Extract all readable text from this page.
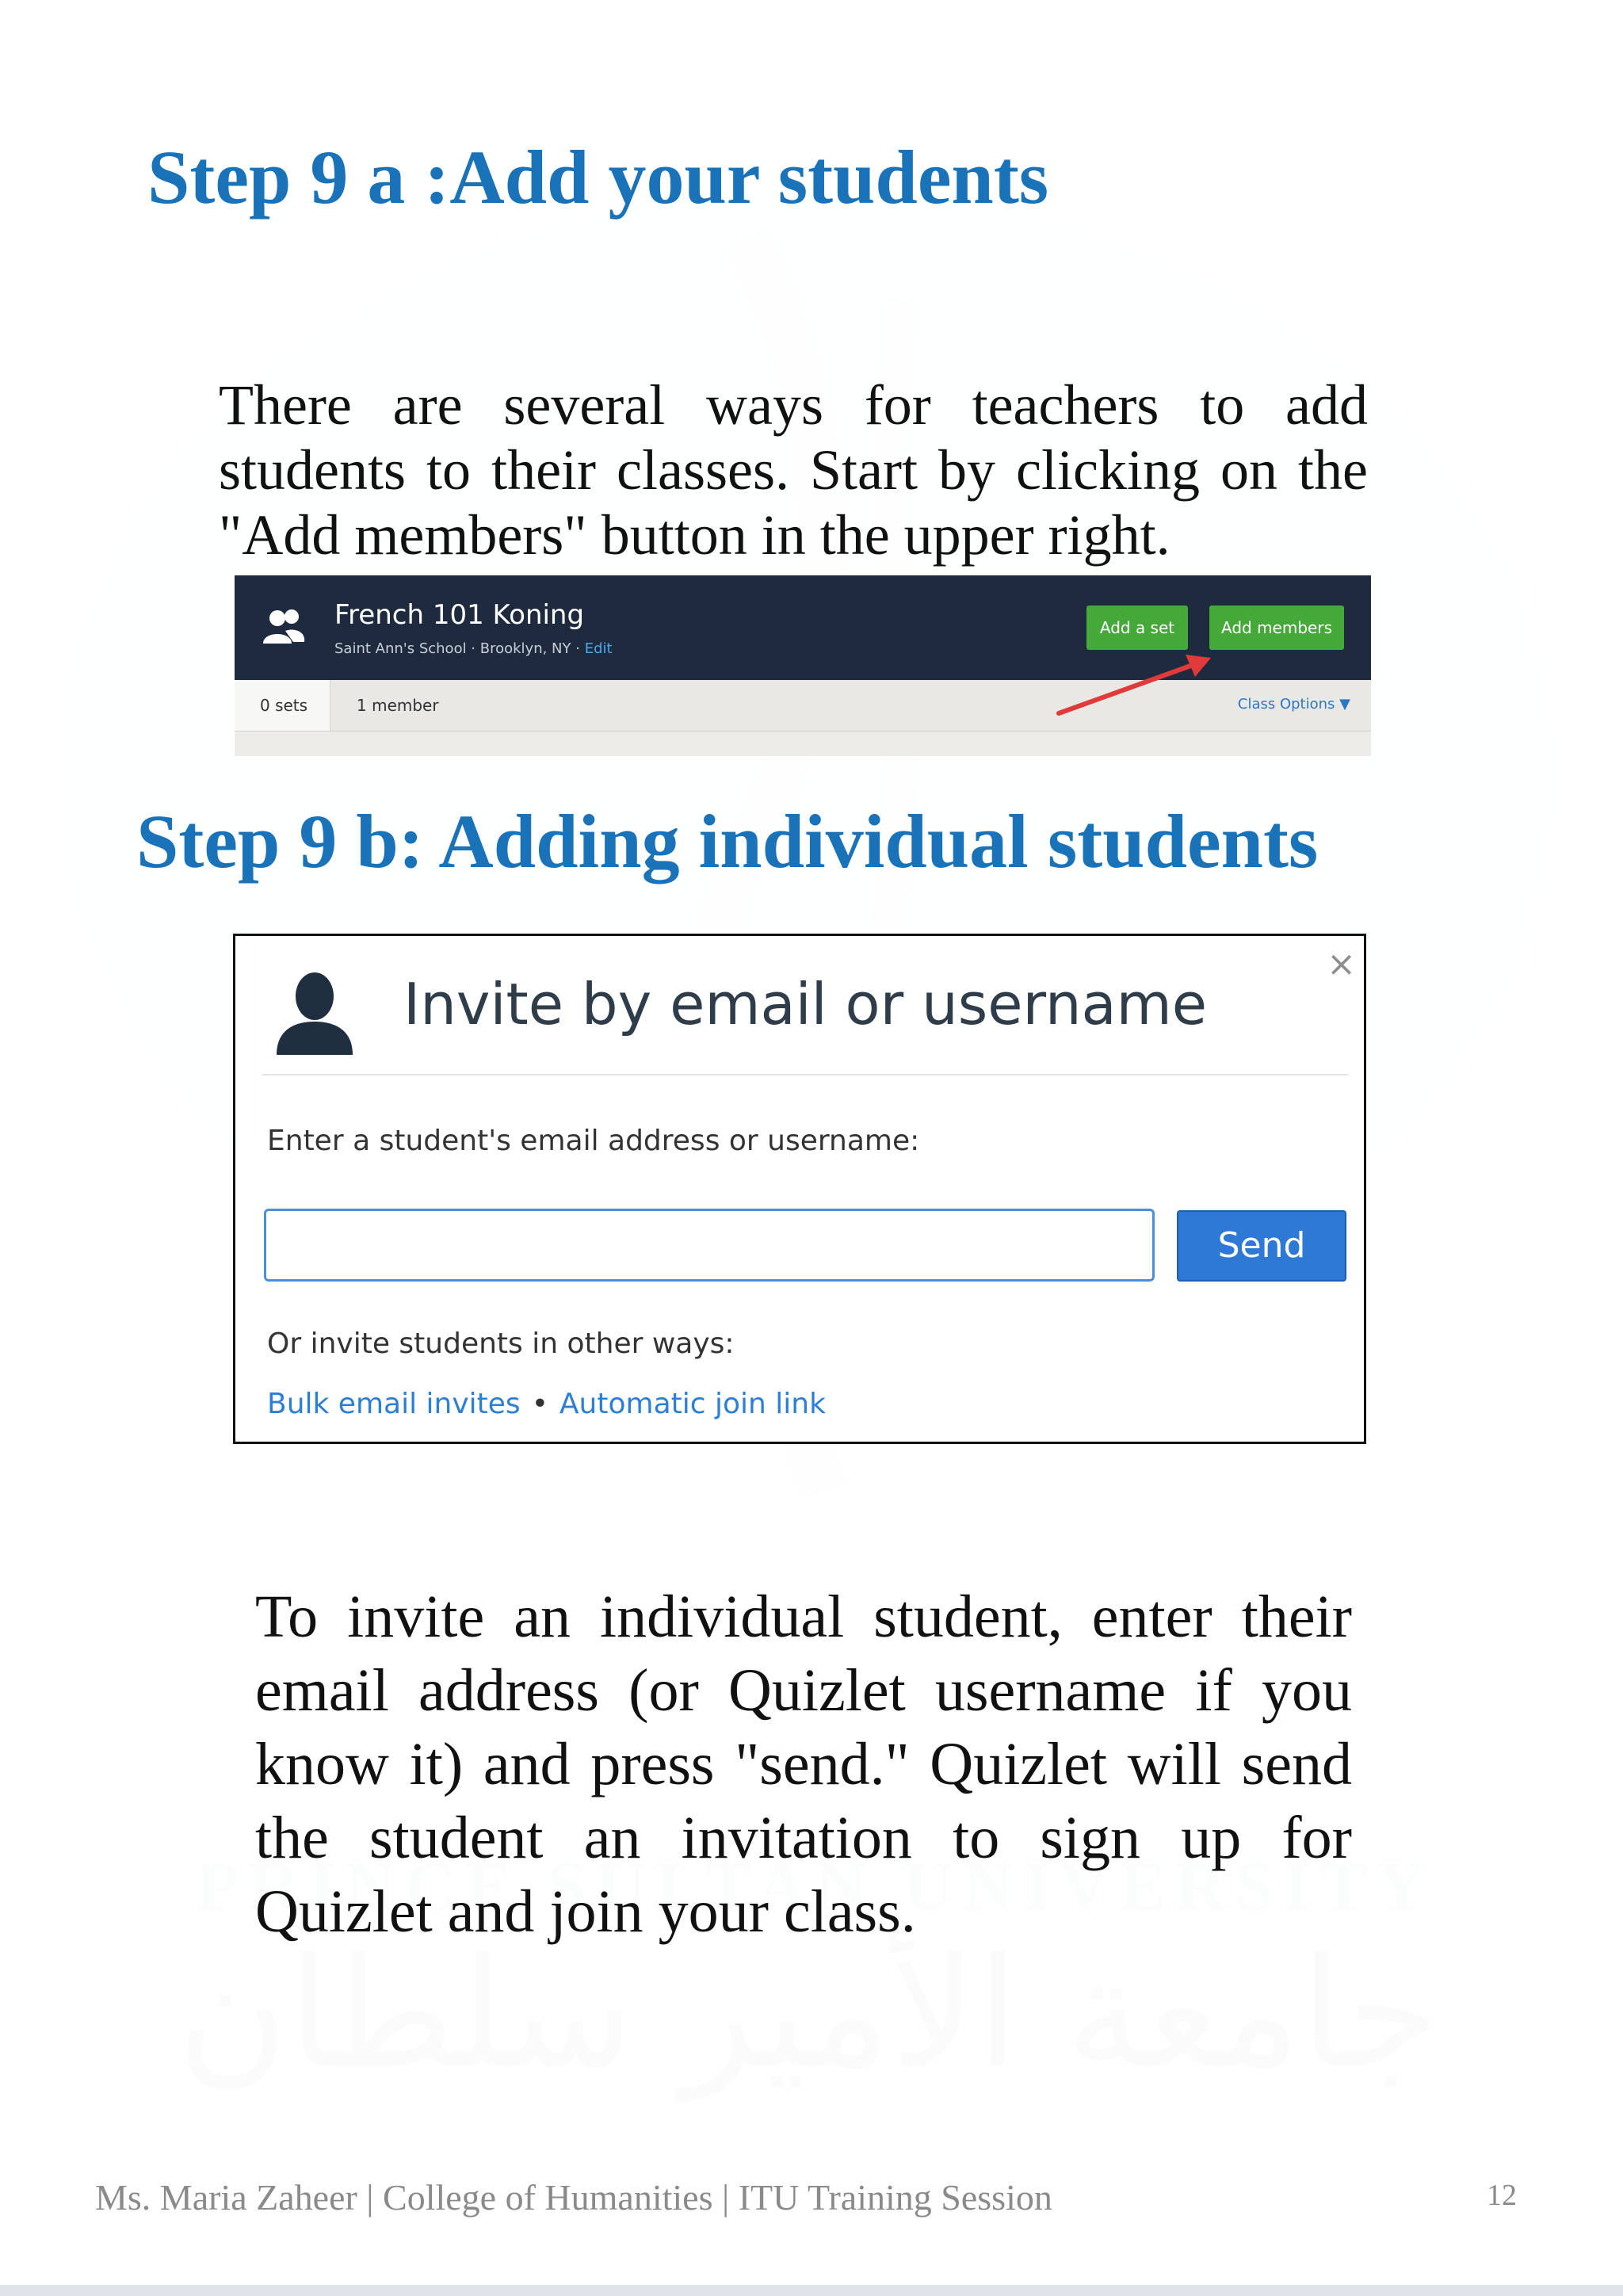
Step 9 a :Add your students

There are several ways for teachers to add students to their classes. Start by clicking on the "Add members" button in the upper right.

French 101 Koning
Saint Ann's School · Brooklyn, NY · Edit
Add a set	Add members
0 sets	1 member	Class Options ▼
Step 9 b: Adding individual students
×
Invite by email or username
Enter a student's email address or username:
Send
Or invite students in other ways:
Bulk email invites • Automatic join link

To invite an individual student, enter their email address (or Quizlet username if you know it) and press "send." Quizlet will send the student an invitation to sign up for Quizlet and join your class.

Ms. Maria Zaheer | College of Humanities | ITU Training Session	12
